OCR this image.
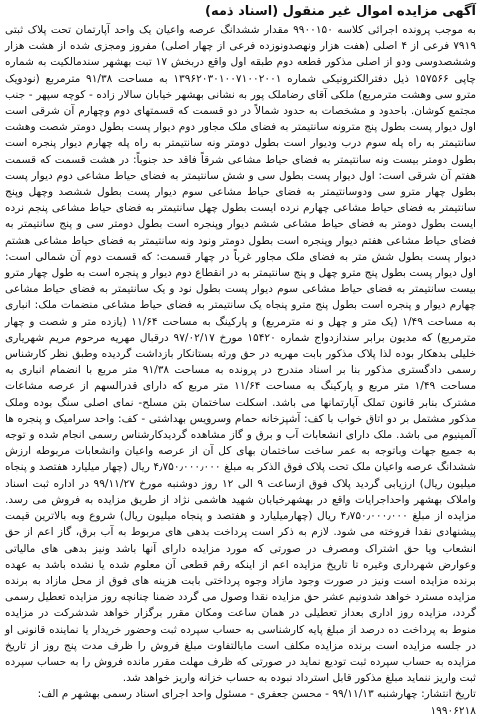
آگهی مزایده اموال غیر منقول (اسناد ذمه)

به موجب پرونده اجرائی کلاسه ۹۹۰۰۱۵۰ مقدار ششدانگ عرصه واعیان یک واحد آپارتمان تحت پلاک ثبتی ۷۹۱۹ فرعی از ۴ اصلی (هفت هزار ونهصدونوزده فرعی از چهار اصلی) مفروز ومجزی شده از هشت هزار وششصدوسی ودو از اصلی مذکور قطعه دوم طبقه اول واقع دربخش ۱۷ تبت بهشهر سندمالکیت به شماره چاپی ۱۵۷۵۶۶ ذیل دفترالکترونیکی شماره ۱۳۹۶۲۰۳۰۱۰۰۷۱۰۰۲۰۰۱ به مساحت ۹۱/۳۸ مترمربع (نودویک مترو سی وهشت مترمربع) ملکی آقای رضاملک پور به نشانی بهشهر خیابان سالار زاده - کوچه سپهر - جنب مجتمع کوشان. باحدود و مشخصات به حدود شمالاً در دو قسمت که قسمتهای دوم وچهارم آن شرقی است اول دیوار پست بطول پنج مترونه سانتیمتر به فضای ملک مجاور دوم دیوار پست بطول دومتر شصت وهشت سانتیمتر به راه پله سوم درب ودیوار است بطول دومتر ونه سانتیمتر به راه پله چهارم دیوار پنجره است بطول دومتر بیست ونه سانتیمتر به فضای حیاط مشاعی شرقاً فاقد حد جنوباً: در هشت قسمت که قسمت هفتم آن شرقی است: اول دیوار پست بطول سی و شش سانتیمتر به فضای حیاط مشاعی دوم دیوار پست بطول چهار مترو سی ودوسانتیمتر به فضای حیاط مشاعی سوم دیوار پست بطول ششصد وچهل وپنج سانتیمتر به فضای حیاط مشاعی چهارم نرده ایست بطول چهل سانتیمتر به فضای حیاط مشاعی پنجم نرده ایست بطول دومتر به فضای حیاط مشاعی ششم دیوار وپنجره است بطول دومتر سی و پنج سانتیمتر به فضای حیاط مشاعی هفتم دیوار وپنجره است بطول دومتر ونود ونه سانتیمتر به فضای حیاط مشاعی هشتم دیوار پست بطول شش متر به فضای ملک مجاور غرباً در چهار قسمت: که قسمت دوم آن شمالی است: اول دیوار پست بطول پنج مترو چهل و پنج سانتیمتر به در انقطاع دوم دیوار و پنجره است به طول چهار مترو بیست سانتیمتر به فضای حیاط مشاعی سوم دیوار پست بطول نود و یک سانتیمتر به فضای حیاط مشاعی چهارم دیوار و پنجره است بطول پنج مترو پنجاه یک سانتیمتر به فضای حیاط مشاعی منضمات ملک: انباری به مساحت ۱/۴۹ (یک متر و چهل و نه مترمربع) و پارکینگ به مساحت ۱۱/۶۴ (یازده متر و شصت و چهار مترمربع) که مدیون برابر سندازدواج شماره ۱۵۴۲۰ مورخ ۹۷/۰۲/۱۷ درقبال مهریه مرحوم مریم شهریاری خلیلی بدهکار بوده لذا پلاک مذکور بابت مهریه در حق ورثه بستانکار بازداشت گردیده وطبق نظر کارشناس رسمی دادگستری مذکور بنا بر اسناد مندرج در پرونده به مساحت ۹۱/۳۸ متر مربع با انضمام انباری به مساحت ۱/۴۹ متر مربع و پارکینگ به مساحت ۱۱/۶۴ متر مربع که دارای قدرالسهم از عرصه مشاعات مشترک بنابر قانون تملک آپارتمانها می باشد. اسکلت ساختمان بتن مسلح- نمای اصلی سنگ بوده وملک مذکور مشتمل بر دو اتاق خواب با کف: آشپزخانه حمام وسرویس بهداشتی - کف: واحد سرامیک و پنجره ها آلمینیوم می باشد. ملک دارای انشعابات آب و برق و گاز مشاهده گردیدکارشناس رسمی انجام شده و توجه به جمیع جهات وباتوجه به عمر ساخت ساختمان بهای کل آن از عرصه واعیان وانشعابات مربوطه ارزش ششدانگ عرصه واعیان ملک تحت پلاک فوق الذکر به مبلغ ۴٫۷۵۰٫۰۰۰٫۰۰۰ ریال (چهار میلیارد هفتصد و پنجاه میلیون ریال) ارزیابی گردید پلاک فوق ازساعت ۹ الی ۱۲ روز دوشنبه مورخ ۹۹/۱۱/۲۷ در اداره ثبت اسناد واملاک بهشهر واحداجرایات واقع در بهشهرخیابان شهید هاشمی نژاد از طریق مزایده به فروش می رسد. مزایده از مبلغ ۴٫۷۵۰٫۰۰۰٫۰۰۰ ریال (چهارمیلیارد و هفتصد و پنجاه میلیون ریال) شروع وبه بالاترین قیمت پیشنهادی نقدا فروخته می شود. لازم به ذکر است پرداخت بدهی های مربوط به آب برق، گاز اعم از حق انشعاب ویا حق اشتراک ومصرف در صورتی که مورد مزایده دارای آنها باشد ونیز بدهی های مالیاتی وعوارض شهرداری وغیره تا تاریخ مزایده اعم از اینکه رقم قطعی آن معلوم شده یا نشده باشد به عهده برنده مزایده است ونیز در صورت وجود مازاد وجوه پرداختی بابت هزینه های فوق از محل مازاد به برنده مزایده مسترد خواهد شدونیم عشر حق مزایده نقدا وصول می گردد ضمنا چنانچه روز مزایده تعطیل رسمی گردد، مزایده روز اداری بعداز تعطیلی در همان ساعت ومکان مقرر برگزار خواهد شدشرکت در مزایده منوط به پرداخت ده درصد از مبلغ پایه کارشناسی به حساب سپرده ثبت وحضور خریدار یا نماینده قانونی او در جلسه مزایده است برنده مزایده مکلف است مابالتفاوت مبلغ فروش را ظرف مدت پنج روز از تاریخ مزایده به حساب سپرده ثبت تودیع نماید در صورتی که ظرف مهلت مقرر مانده فروش را به حساب سپرده ثبت واریز ننماید مبلغ مذکور قابل استرداد نبوده به حساب خزانه واریز خواهد شد.

تاریخ انتشار: چهارشنبه ۹۹/۱۱/۱۳ - محسن جعفری - مسئول واحد اجرای اسناد رسمی بهشهر م الف: ۱۹۹۰۶۲۱۸
